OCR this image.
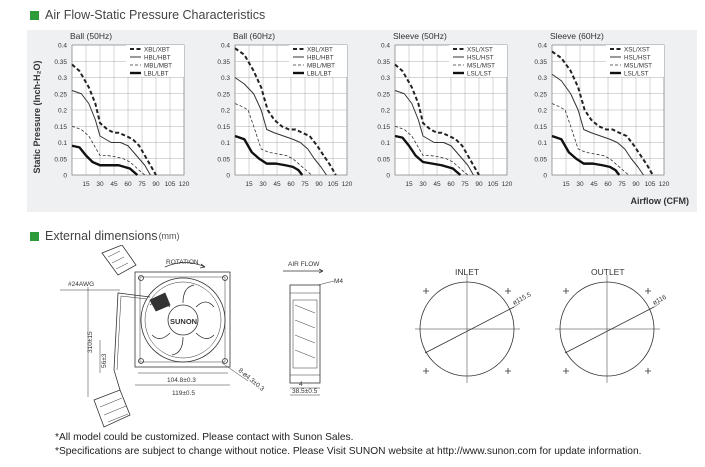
Air Flow-Static Pressure Characteristics
Static Pressure (Inch-H₂O)
15 30 45 60 75 90 105 120
0
0.05
0.1
0.15
0.2
0.25
0.3
0.35
0.4
Ball (50Hz)
XBL/XBT
HBL/HBT
MBL/MBT
LBL/LBT
15 30 45 60 75 90 105 120
0
0.05
0.1
0.15
0.2
0.25
0.3
0.35
0.4
Ball (60Hz)
XBL/XBT
HBL/HBT
MBL/MBT
LBL/LBT
15 30 45 60 75 90 105 120
0
0.05
0.1
0.15
0.2
0.25
0.3
0.35
0.4
Sleeve (50Hz)
XSL/XST
HSL/HST
MSL/MST
LSL/LST
15 30 45 60 75 90 105 120
0
0.05
0.1
0.15
0.2
0.25
0.3
0.35
0.4
Sleeve (60Hz)
XSL/XST
HSL/HST
MSL/MST
LSL/LST
Airflow (CFM)
External dimensions (mm)
#24AWG
310±15
56±3
ROTATION
SUNON
104.8±0.3
119±0.5
8-ø4.3±0.3
AIR FLOW
M4
4
38.5±0.5
INLET
ø115.5
OUTLET
ø116
*All model could be customized. Please contact with Sunon Sales.
*Specifications are subject to change without notice. Please Visit SUNON website at http://www.sunon.com for update information.
